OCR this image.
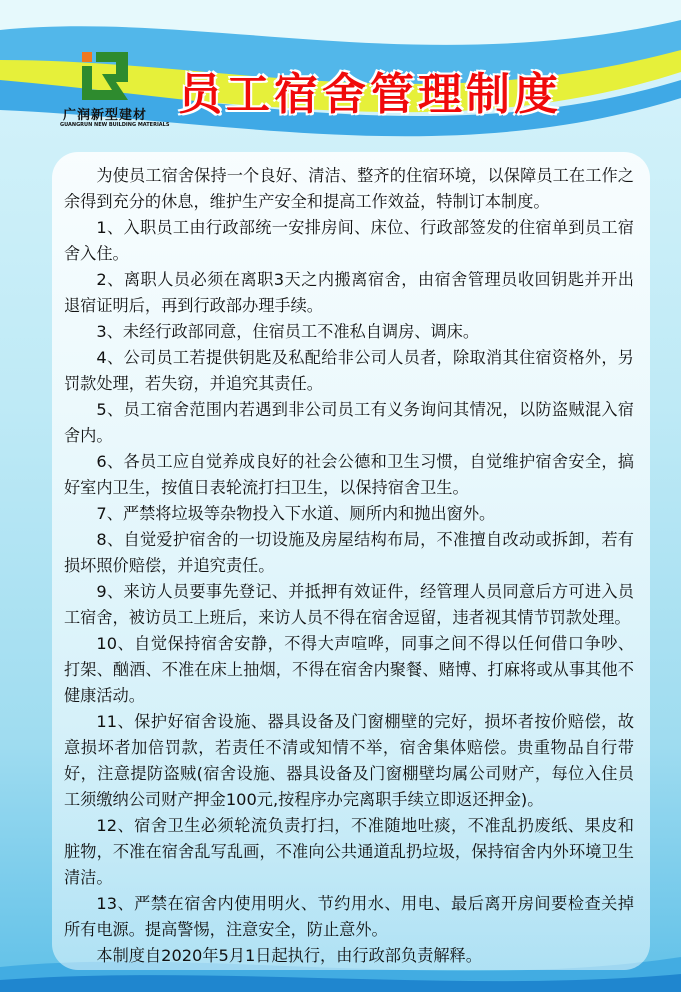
广润新型建材
GUANGRUN NEW BUILDING MATERIALS
员工宿舍管理制度

为使员工宿舍保持一个良好、清洁、整齐的住宿环境，以保障员工在工作之余得到充分的休息，维护生产安全和提高工作效益，特制订本制度。

1、入职员工由行政部统一安排房间、床位、行政部签发的住宿单到员工宿舍入住。

2、离职人员必须在离职3天之内搬离宿舍，由宿舍管理员收回钥匙并开出退宿证明后，再到行政部办理手续。

3、未经行政部同意，住宿员工不准私自调房、调床。

4、公司员工若提供钥匙及私配给非公司人员者，除取消其住宿资格外，另罚款处理，若失窃，并追究其责任。

5、员工宿舍范围内若遇到非公司员工有义务询问其情况，以防盗贼混入宿舍内。

6、各员工应自觉养成良好的社会公德和卫生习惯，自觉维护宿舍安全，搞好室内卫生，按值日表轮流打扫卫生，以保持宿舍卫生。

7、严禁将垃圾等杂物投入下水道、厕所内和抛出窗外。

8、自觉爱护宿舍的一切设施及房屋结构布局，不准擅自改动或拆卸，若有损坏照价赔偿，并追究责任。

9、来访人员要事先登记、并抵押有效证件，经管理人员同意后方可进入员工宿舍，被访员工上班后，来访人员不得在宿舍逗留，违者视其情节罚款处理。

10、自觉保持宿舍安静，不得大声喧哗，同事之间不得以任何借口争吵、打架、酗酒、不准在床上抽烟，不得在宿舍内聚餐、赌博、打麻将或从事其他不健康活动。

11、保护好宿舍设施、器具设备及门窗棚壁的完好，损坏者按价赔偿，故意损坏者加倍罚款，若责任不清或知情不举，宿舍集体赔偿。贵重物品自行带好，注意提防盗贼(宿舍设施、器具设备及门窗棚壁均属公司财产，每位入住员工须缴纳公司财产押金100元,按程序办完离职手续立即返还押金)。

12、宿舍卫生必须轮流负责打扫，不准随地吐痰，不准乱扔废纸、果皮和脏物，不准在宿舍乱写乱画，不准向公共通道乱扔垃圾，保持宿舍内外环境卫生清洁。

13、严禁在宿舍内使用明火、节约用水、用电、最后离开房间要检查关掉所有电源。提高警惕，注意安全，防止意外。

本制度自2020年5月1日起执行，由行政部负责解释。
